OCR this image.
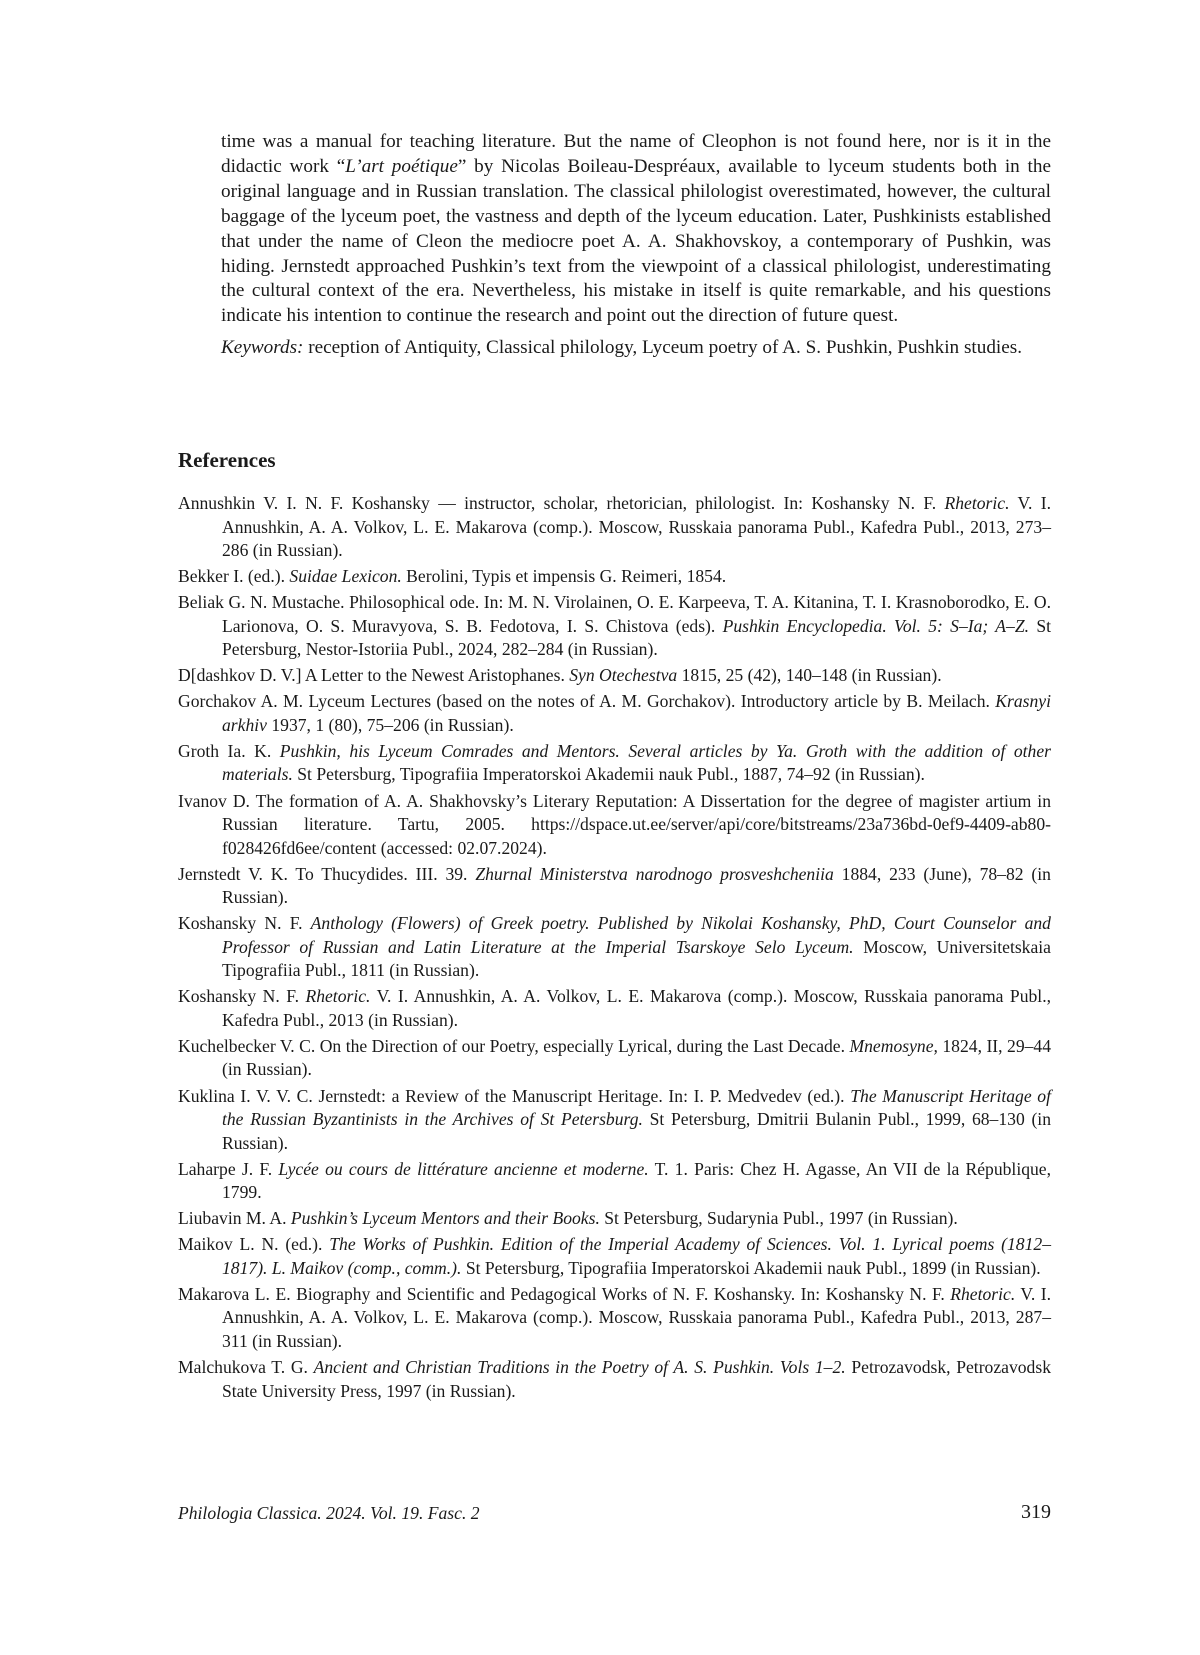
time was a manual for teaching literature. But the name of Cleophon is not found here, nor is it in the didactic work “L’art poétique” by Nicolas Boileau-Despréaux, available to lyceum students both in the original language and in Russian translation. The classical philologist overestimated, however, the cultural baggage of the lyceum poet, the vastness and depth of the lyceum education. Later, Pushkinists established that under the name of Cleon the mediocre poet A. A. Shakhovskoy, a contemporary of Pushkin, was hiding. Jernstedt approached Pushkin’s text from the viewpoint of a classical philologist, underestimating the cultural context of the era. Nevertheless, his mistake in itself is quite remarkable, and his questions indicate his intention to continue the research and point out the direction of future quest.

Keywords: reception of Antiquity, Classical philology, Lyceum poetry of A. S. Pushkin, Pushkin studies.

References
Annushkin V. I. N. F. Koshansky — instructor, scholar, rhetorician, philologist. In: Koshansky N. F. Rhetoric. V. I. Annushkin, A. A. Volkov, L. E. Makarova (comp.). Moscow, Russkaia panorama Publ., Kafedra Publ., 2013, 273–286 (in Russian).
Bekker I. (ed.). Suidae Lexicon. Berolini, Typis et impensis G. Reimeri, 1854.
Beliak G. N. Mustache. Philosophical ode. In: M. N. Virolainen, O. E. Karpeeva, T. A. Kitanina, T. I. Krasnoborodko, E. O. Larionova, O. S. Muravyova, S. B. Fedotova, I. S. Chistova (eds). Pushkin Encyclopedia. Vol. 5: S–Ia; A–Z. St Petersburg, Nestor-Istoriia Publ., 2024, 282–284 (in Russian).
D[dashkov D. V.] A Letter to the Newest Aristophanes. Syn Otechestva 1815, 25 (42), 140–148 (in Russian).
Gorchakov A. M. Lyceum Lectures (based on the notes of A. M. Gorchakov). Introductory article by B. Meilach. Krasnyi arkhiv 1937, 1 (80), 75–206 (in Russian).
Groth Ia. K. Pushkin, his Lyceum Comrades and Mentors. Several articles by Ya. Groth with the addition of other materials. St Petersburg, Tipografiia Imperatorskoi Akademii nauk Publ., 1887, 74–92 (in Russian).
Ivanov D. The formation of A. A. Shakhovsky’s Literary Reputation: A Dissertation for the degree of magister artium in Russian literature. Tartu, 2005. https://dspace.ut.ee/server/api/core/bitstreams/23a736bd-0ef9-4409-ab80-f028426fd6ee/content (accessed: 02.07.2024).
Jernstedt V. K. To Thucydides. III. 39. Zhurnal Ministerstva narodnogo prosveshcheniia 1884, 233 (June), 78–82 (in Russian).
Koshansky N. F. Anthology (Flowers) of Greek poetry. Published by Nikolai Koshansky, PhD, Court Counselor and Professor of Russian and Latin Literature at the Imperial Tsarskoye Selo Lyceum. Moscow, Universitetskaia Tipografiia Publ., 1811 (in Russian).
Koshansky N. F. Rhetoric. V. I. Annushkin, A. A. Volkov, L. E. Makarova (comp.). Moscow, Russkaia panorama Publ., Kafedra Publ., 2013 (in Russian).
Kuchelbecker V. C. On the Direction of our Poetry, especially Lyrical, during the Last Decade. Mnemosyne, 1824, II, 29–44 (in Russian).
Kuklina I. V. V. C. Jernstedt: a Review of the Manuscript Heritage. In: I. P. Medvedev (ed.). The Manuscript Heritage of the Russian Byzantinists in the Archives of St Petersburg. St Petersburg, Dmitrii Bulanin Publ., 1999, 68–130 (in Russian).
Laharpe J. F. Lycée ou cours de littérature ancienne et moderne. T. 1. Paris: Chez H. Agasse, An VII de la République, 1799.
Liubavin M. A. Pushkin’s Lyceum Mentors and their Books. St Petersburg, Sudarynia Publ., 1997 (in Russian).
Maikov L. N. (ed.). The Works of Pushkin. Edition of the Imperial Academy of Sciences. Vol. 1. Lyrical poems (1812–1817). L. Maikov (comp., comm.). St Petersburg, Tipografiia Imperatorskoi Akademii nauk Publ., 1899 (in Russian).
Makarova L. E. Biography and Scientific and Pedagogical Works of N. F. Koshansky. In: Koshansky N. F. Rhetoric. V. I. Annushkin, A. A. Volkov, L. E. Makarova (comp.). Moscow, Russkaia panorama Publ., Kafedra Publ., 2013, 287–311 (in Russian).
Malchukova T. G. Ancient and Christian Traditions in the Poetry of A. S. Pushkin. Vols 1–2. Petrozavodsk, Petrozavodsk State University Press, 1997 (in Russian).
Philologia Classica. 2024. Vol. 19. Fasc. 2	319
